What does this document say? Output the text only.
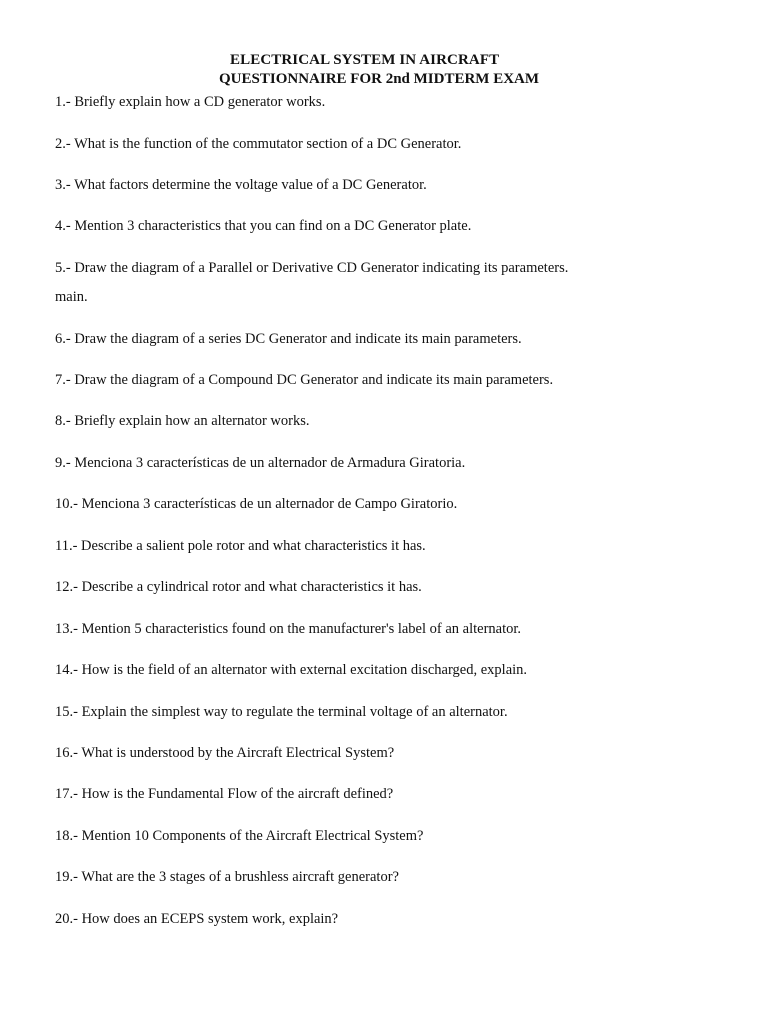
ELECTRICAL SYSTEM IN AIRCRAFT
QUESTIONNAIRE FOR 2nd MIDTERM EXAM
1.- Briefly explain how a CD generator works.
2.- What is the function of the commutator section of a DC Generator.
3.- What factors determine the voltage value of a DC Generator.
4.- Mention 3 characteristics that you can find on a DC Generator plate.
5.- Draw the diagram of a Parallel or Derivative CD Generator indicating its parameters.
main.
6.- Draw the diagram of a series DC Generator and indicate its main parameters.
7.- Draw the diagram of a Compound DC Generator and indicate its main parameters.
8.- Briefly explain how an alternator works.
9.- Menciona 3 características de un alternador de Armadura Giratoria.
10.- Menciona 3 características de un alternador de Campo Giratorio.
11.- Describe a salient pole rotor and what characteristics it has.
12.- Describe a cylindrical rotor and what characteristics it has.
13.- Mention 5 characteristics found on the manufacturer's label of an alternator.
14.- How is the field of an alternator with external excitation discharged, explain.
15.- Explain the simplest way to regulate the terminal voltage of an alternator.
16.- What is understood by the Aircraft Electrical System?
17.- How is the Fundamental Flow of the aircraft defined?
18.- Mention 10 Components of the Aircraft Electrical System?
19.- What are the 3 stages of a brushless aircraft generator?
20.- How does an ECEPS system work, explain?
